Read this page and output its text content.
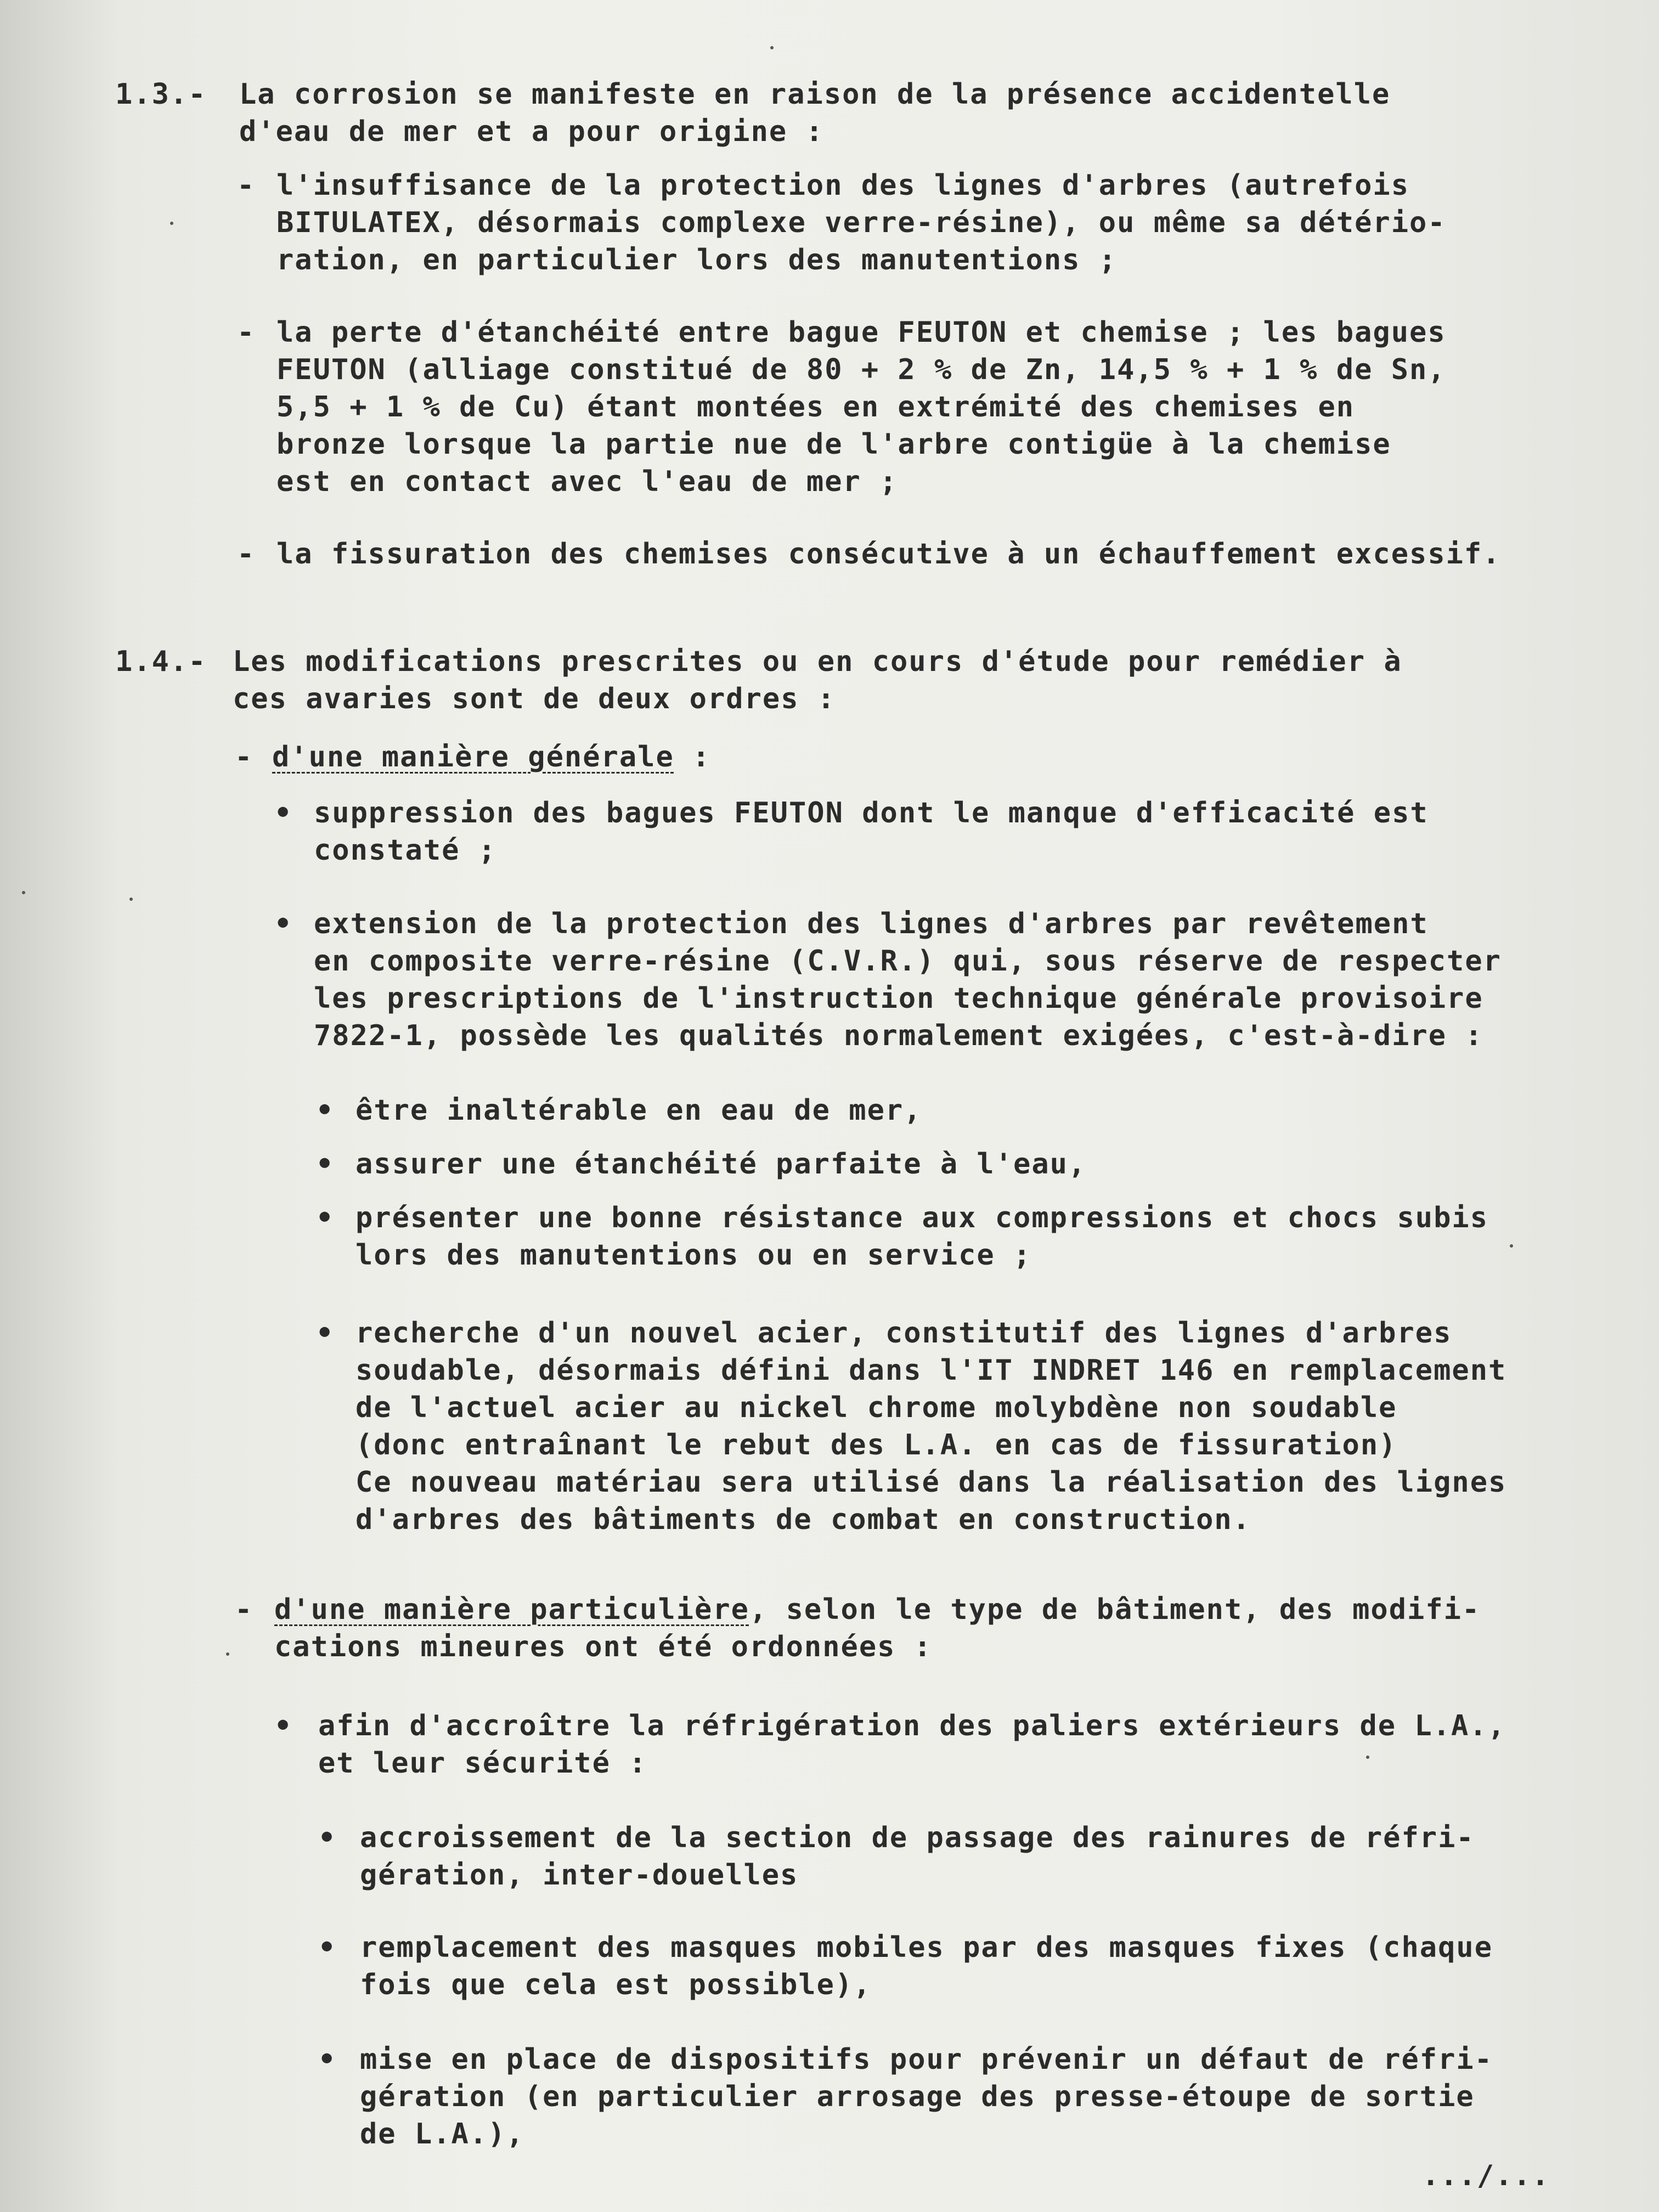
1.3.- La corrosion se manifeste en raison de la présence accidentelle
d'eau de mer et a pour origine :
- l'insuffisance de la protection des lignes d'arbres (autrefois
BITULATEX, désormais complexe verre-résine), ou même sa détério-
ration, en particulier lors des manutentions ;
- la perte d'étanchéité entre bague FEUTON et chemise ; les bagues
FEUTON (alliage constitué de 80 + 2 % de Zn, 14,5 % + 1 % de Sn,
5,5 + 1 % de Cu) étant montées en extrémité des chemises en
bronze lorsque la partie nue de l'arbre contigüe à la chemise
est en contact avec l'eau de mer ;
- la fissuration des chemises consécutive à un échauffement excessif.
1.4.- Les modifications prescrites ou en cours d'étude pour remédier à
ces avaries sont de deux ordres :
- d'une manière générale :
• suppression des bagues FEUTON dont le manque d'efficacité est
constaté ;
• extension de la protection des lignes d'arbres par revêtement
en composite verre-résine (C.V.R.) qui, sous réserve de respecter
les prescriptions de l'instruction technique générale provisoire
7822-1, possède les qualités normalement exigées, c'est-à-dire :
• être inaltérable en eau de mer,
• assurer une étanchéité parfaite à l'eau,
• présenter une bonne résistance aux compressions et chocs subis
lors des manutentions ou en service ;
• recherche d'un nouvel acier, constitutif des lignes d'arbres
soudable, désormais défini dans l'IT INDRET 146 en remplacement
de l'actuel acier au nickel chrome molybdène non soudable
(donc entraînant le rebut des L.A. en cas de fissuration)
Ce nouveau matériau sera utilisé dans la réalisation des lignes
d'arbres des bâtiments de combat en construction.
- d'une manière particulière, selon le type de bâtiment, des modifi-
cations mineures ont été ordonnées :
• afin d'accroître la réfrigération des paliers extérieurs de L.A.,
et leur sécurité :
• accroissement de la section de passage des rainures de réfri-
gération, inter-douelles
• remplacement des masques mobiles par des masques fixes (chaque
fois que cela est possible),
• mise en place de dispositifs pour prévenir un défaut de réfri-
gération (en particulier arrosage des presse-étoupe de sortie
de L.A.),
.../...
